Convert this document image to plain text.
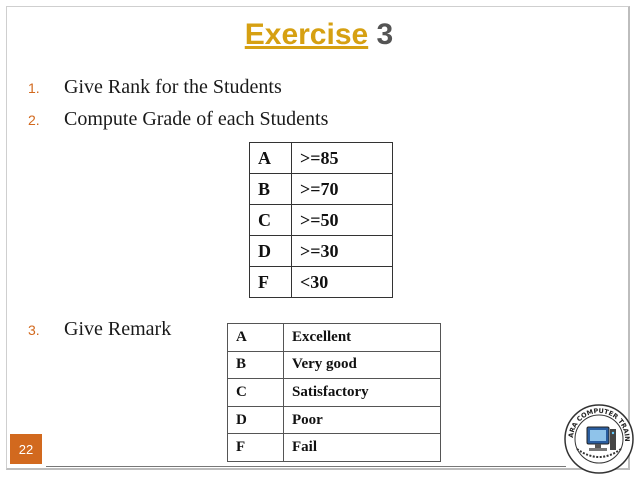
Exercise 3
1. Give Rank for the Students
2. Compute Grade of each Students
3. Give Remark
A	>=85
B	>=70
C	>=50
D	>=30
F	<30
A	Excellent
B	Very good
C	Satisfactory
D	Poor
F	Fail
22
ARA COMPUTER TRAIN
